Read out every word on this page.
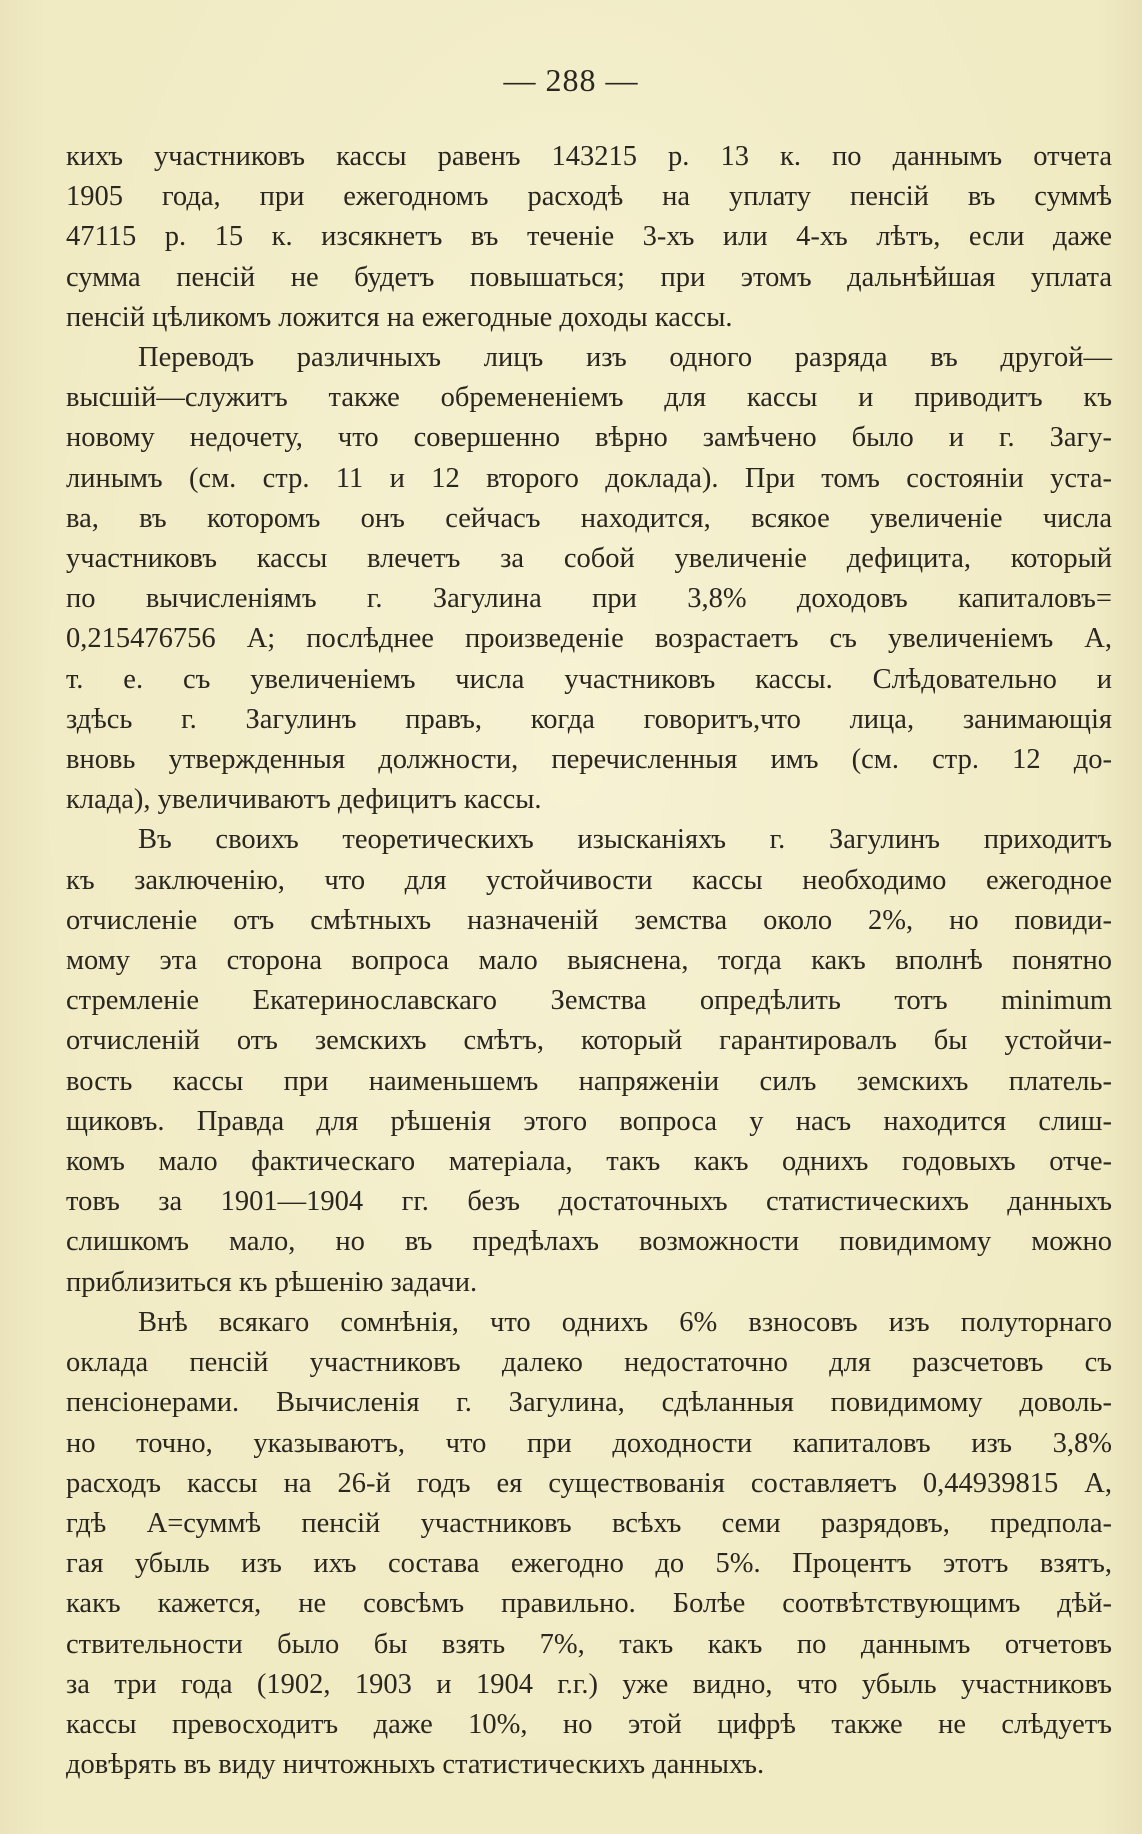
— 288 —

кихъ участниковъ кассы равенъ 143215 р. 13 к. по даннымъ отчета
1905 года, при ежегодномъ расходѣ на уплату пенсій въ суммѣ
47115 р. 15 к. изсякнетъ въ теченіе 3-хъ или 4-хъ лѣтъ, если даже
сумма пенсій не будетъ повышаться; при этомъ дальнѣйшая уплата
пенсій цѣликомъ ложится на ежегодные доходы кассы.

Переводъ различныхъ лицъ изъ одного разряда въ другой—
высшій—служитъ также обремененіемъ для кассы и приводитъ къ
новому недочету, что совершенно вѣрно замѣчено было и г. Загу-
линымъ (см. стр. 11 и 12 второго доклада). При томъ состояніи уста-
ва, въ которомъ онъ сейчасъ находится, всякое увеличеніе числа
участниковъ кассы влечетъ за собой увеличеніе дефицита, который
по вычисленіямъ г. Загулина при 3,8% доходовъ капиталовъ=
0,215476756 А; послѣднее произведеніе возрастаетъ съ увеличеніемъ А,
т. е. съ увеличеніемъ числа участниковъ кассы. Слѣдовательно и
здѣсь г. Загулинъ правъ, когда говоритъ,что лица, занимающія
вновь утвержденныя должности, перечисленныя имъ (см. стр. 12 до-
клада), увеличиваютъ дефицитъ кассы.

Въ своихъ теоретическихъ изысканіяхъ г. Загулинъ приходитъ
къ заключенію, что для устойчивости кассы необходимо ежегодное
отчисленіе отъ смѣтныхъ назначеній земства около 2%, но повиди-
мому эта сторона вопроса мало выяснена, тогда какъ вполнѣ понятно
стремленіе Екатеринославскаго Земства опредѣлить тотъ minimum
отчисленій отъ земскихъ смѣтъ, который гарантировалъ бы устойчи-
вость кассы при наименьшемъ напряженіи силъ земскихъ платель-
щиковъ. Правда для рѣшенія этого вопроса у насъ находится слиш-
комъ мало фактическаго матеріала, такъ какъ однихъ годовыхъ отче-
товъ за 1901—1904 гг. безъ достаточныхъ статистическихъ данныхъ
слишкомъ мало, но въ предѣлахъ возможности повидимому можно
приблизиться къ рѣшенію задачи.

Внѣ всякаго сомнѣнія, что однихъ 6% взносовъ изъ полуторнаго
оклада пенсій участниковъ далеко недостаточно для разсчетовъ съ
пенсіонерами. Вычисленія г. Загулина, сдѣланныя повидимому доволь-
но точно, указываютъ, что при доходности капиталовъ изъ 3,8%
расходъ кассы на 26-й годъ ея существованія составляетъ 0,44939815 А,
гдѣ А=суммѣ пенсій участниковъ всѣхъ семи разрядовъ, предпола-
гая убыль изъ ихъ состава ежегодно до 5%. Процентъ этотъ взятъ,
какъ кажется, не совсѣмъ правильно. Болѣе соотвѣтствующимъ дѣй-
ствительности было бы взять 7%, такъ какъ по даннымъ отчетовъ
за три года (1902, 1903 и 1904 г.г.) уже видно, что убыль участниковъ
кассы превосходитъ даже 10%, но этой цифрѣ также не слѣдуетъ
довѣрять въ виду ничтожныхъ статистическихъ данныхъ.
